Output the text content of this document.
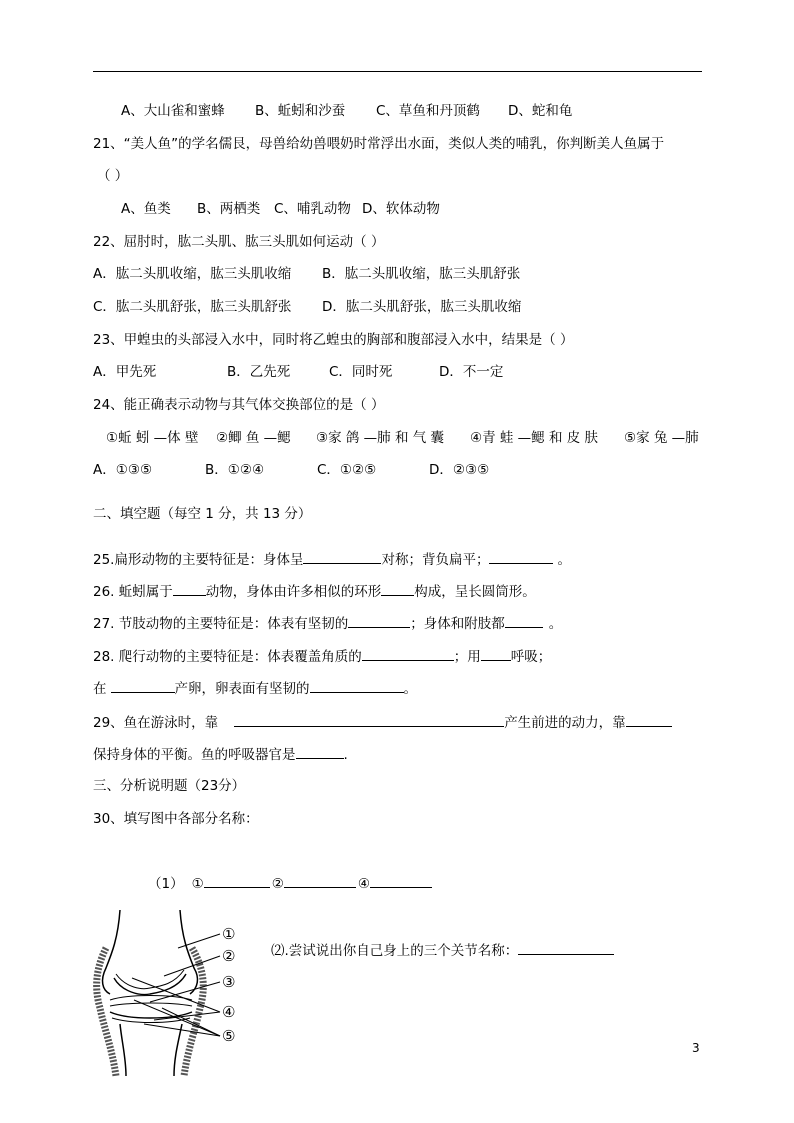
A、大山雀和蜜蜂 B、蚯蚓和沙蚕 C、草鱼和丹顶鹤 D、蛇和龟
21、“美人鱼”的学名儒艮，母兽给幼兽喂奶时常浮出水面，类似人类的哺乳，你判断美人鱼属于
（ ）
A、鱼类 B、两栖类 C、哺乳动物 D、软体动物
22、屈肘时，肱二头肌、肱三头肌如何运动（ ）
A．肱二头肌收缩，肱三头肌收缩 B．肱二头肌收缩，肱三头肌舒张
C．肱二头肌舒张，肱三头肌舒张 D．肱二头肌舒张，肱三头肌收缩
23、甲蝗虫的头部浸入水中，同时将乙蝗虫的胸部和腹部浸入水中，结果是（ ）
A．甲先死	B．乙先死	C．同时死	D．不一定
24、能正确表示动物与其气体交换部位的是（ ）
①蚯 蚓 —体 壁 ②鲫 鱼 —鳃 ③家 鸽 —肺 和 气 囊 ④青 蛙 —鳃 和 皮 肤 ⑤家 兔 —肺
A．①③⑤	B．①②④	C．①②⑤	D．②③⑤
二、填空题（每空 1 分，共 13 分）
25.扁形动物的主要特征是：身体呈	对称；背负扁平；	。
26. 蚯蚓属于 动物，身体由许多相似的环形 构成，呈长圆筒形。
27. 节肢动物的主要特征是：体表有坚韧的	；身体和附肢都	。
28. 爬行动物的主要特征是：体表覆盖角质的	；用 呼吸；
在	产卵，卵表面有坚韧的	。
29、鱼在游泳时，靠	产生前进的动力，靠
保持身体的平衡。鱼的呼吸器官是	.
三、分析说明题（23分）
30、填写图中各部分名称：
（1） ①	②	④
①
②
③
④
⑤
⑵.尝试说出你自己身上的三个关节名称：
3
